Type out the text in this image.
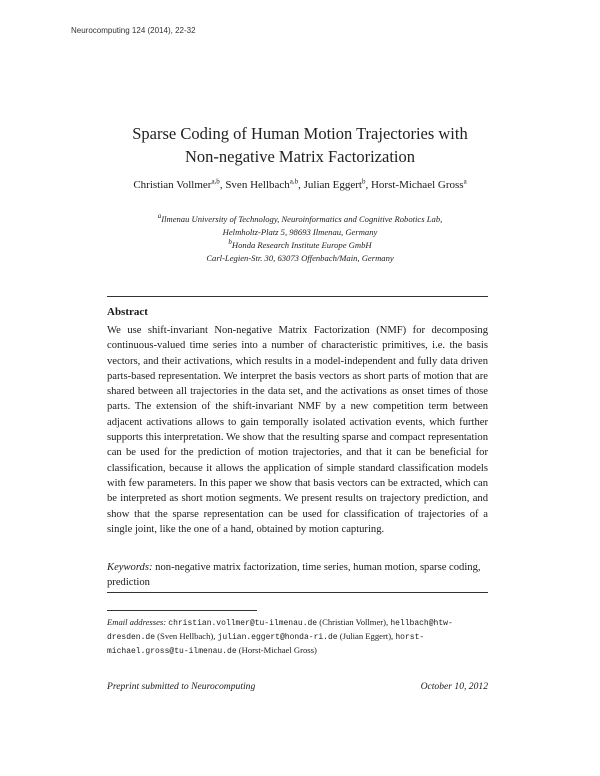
Neurocomputing 124 (2014), 22-32
Sparse Coding of Human Motion Trajectories with
Non-negative Matrix Factorization
Christian Vollmer$^{a,b}$, Sven Hellbach$^{a,b}$, Julian Eggert$^b$, Horst-Michael Gross$^a$
$^a$Ilmenau University of Technology, Neuroinformatics and Cognitive Robotics Lab,
Helmholtz-Platz 5, 98693 Ilmenau, Germany
$^b$Honda Research Institute Europe GmbH
Carl-Legien-Str. 30, 63073 Offenbach/Main, Germany
Abstract
We use shift-invariant Non-negative Matrix Factorization (NMF) for decomposing continuous-valued time series into a number of characteristic primitives, i.e. the basis vectors, and their activations, which results in a model-independent and fully data driven parts-based representation. We interpret the basis vectors as short parts of motion that are shared between all trajectories in the data set, and the activations as onset times of those parts. The extension of the shift-invariant NMF by a new competition term between adjacent activations allows to gain temporally isolated activation events, which further supports this interpretation. We show that the resulting sparse and compact representation can be used for the prediction of motion trajectories, and that it can be beneficial for classification, because it allows the application of simple standard classification models with few parameters. In this paper we show that basis vectors can be extracted, which can be interpreted as short motion segments. We present results on trajectory prediction, and show that the sparse representation can be used for classification of trajectories of a single joint, like the one of a hand, obtained by motion capturing.
Keywords: non-negative matrix factorization, time series, human motion, sparse coding, prediction
Email addresses: christian.vollmer@tu-ilmenau.de (Christian Vollmer), hellbach@htw-dresden.de (Sven Hellbach), julian.eggert@honda-ri.de (Julian Eggert), horst-michael.gross@tu-ilmenau.de (Horst-Michael Gross)
Preprint submitted to Neurocomputing	October 10, 2012
